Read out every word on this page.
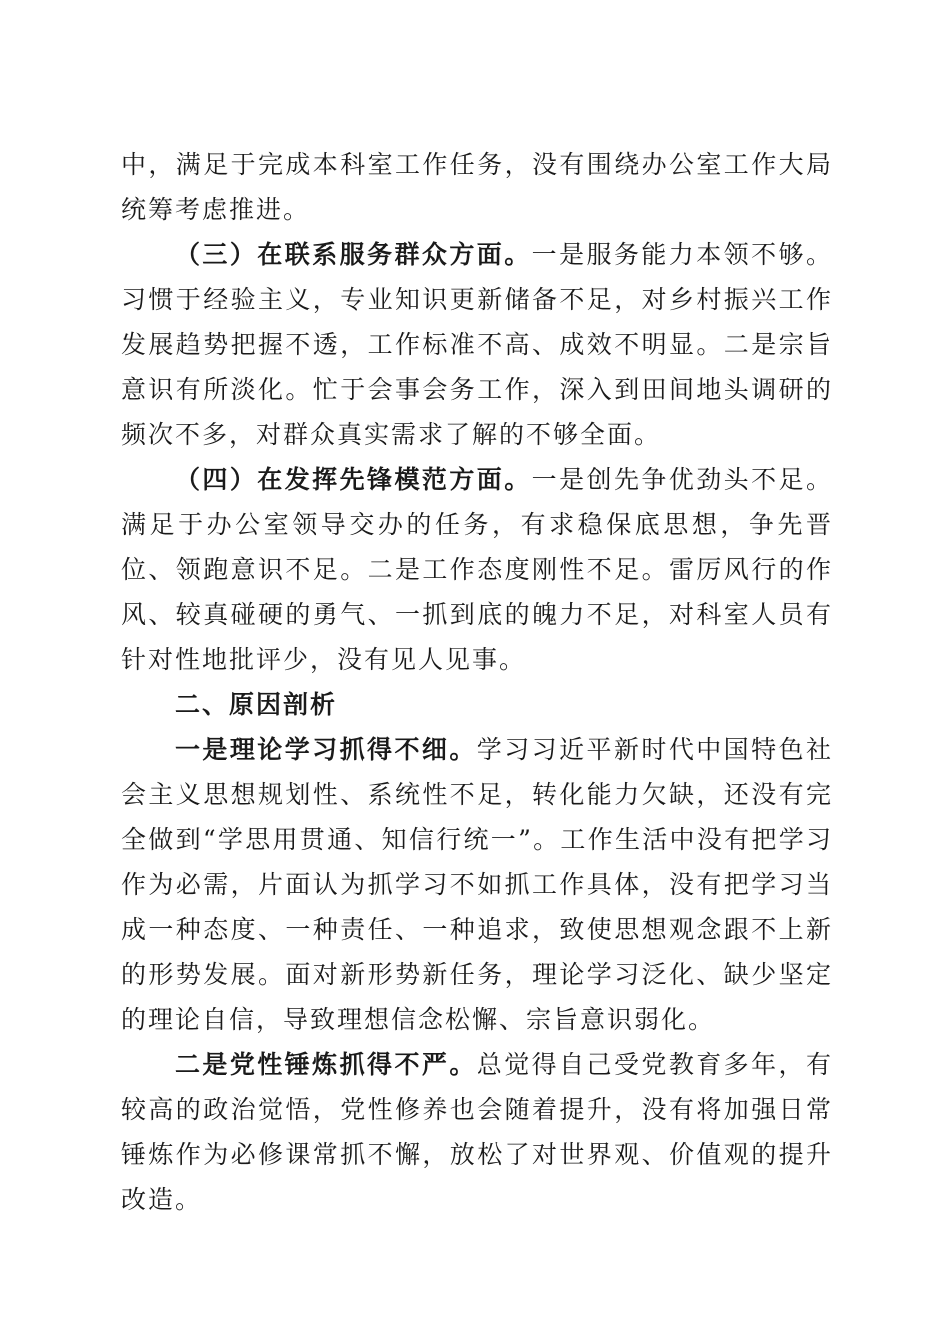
中，满足于完成本科室工作任务，没有围绕办公室工作大局统筹考虑推进。

（三）在联系服务群众方面。一是服务能力本领不够。习惯于经验主义，专业知识更新储备不足，对乡村振兴工作发展趋势把握不透，工作标准不高、成效不明显。二是宗旨意识有所淡化。忙于会事会务工作，深入到田间地头调研的频次不多，对群众真实需求了解的不够全面。

（四）在发挥先锋模范方面。一是创先争优劲头不足。满足于办公室领导交办的任务，有求稳保底思想，争先晋位、领跑意识不足。二是工作态度刚性不足。雷厉风行的作风、较真碰硬的勇气、一抓到底的魄力不足，对科室人员有针对性地批评少，没有见人见事。

二、原因剖析

一是理论学习抓得不细。学习习近平新时代中国特色社会主义思想规划性、系统性不足，转化能力欠缺，还没有完全做到“学思用贯通、知信行统一”。工作生活中没有把学习作为必需，片面认为抓学习不如抓工作具体，没有把学习当成一种态度、一种责任、一种追求，致使思想观念跟不上新的形势发展。面对新形势新任务，理论学习泛化、缺少坚定的理论自信，导致理想信念松懈、宗旨意识弱化。

二是党性锤炼抓得不严。总觉得自己受党教育多年，有较高的政治觉悟，党性修养也会随着提升，没有将加强日常锤炼作为必修课常抓不懈，放松了对世界观、价值观的提升改造。
